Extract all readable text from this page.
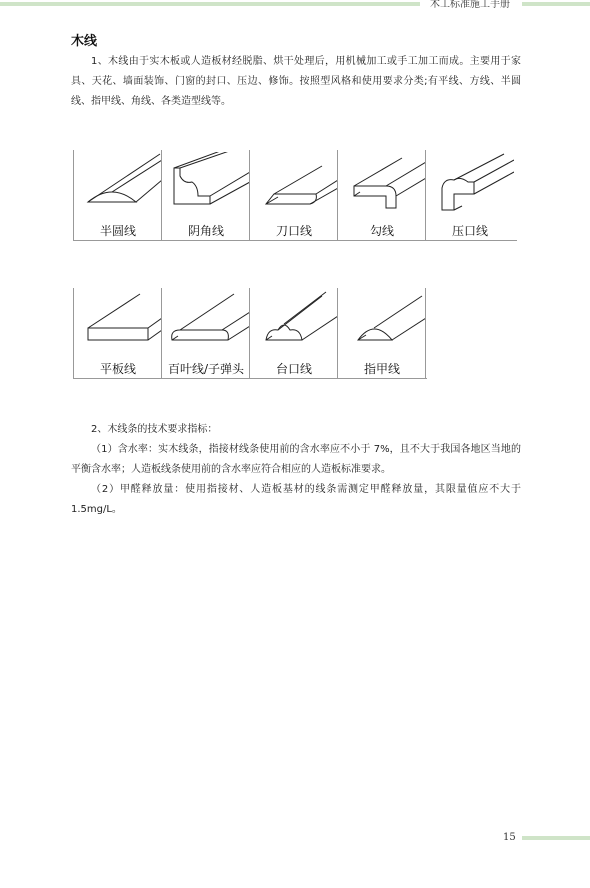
木工标准施工手册
木线

1、木线由于实木板或人造板材经脱脂、烘干处理后，用机械加工或手工加工而成。主要用于家具、天花、墙面装饰、门窗的封口、压边、修饰。按照型风格和使用要求分类;有平线、方线、半圆线、指甲线、角线、各类造型线等。

半圆线	阴角线	刀口线	勾线	压口线
平板线	百叶线/子弹头	台口线	指甲线
2、木线条的技术要求指标：
（1）含水率：实木线条，指接材线条使用前的含水率应不小于 7%，且不大于我国各地区当地的平衡含水率；人造板线条使用前的含水率应符合相应的人造板标准要求。
（2）甲醛释放量：使用指接材、人造板基材的线条需测定甲醛释放量，其限量值应不大于 1.5mg/L。
15
